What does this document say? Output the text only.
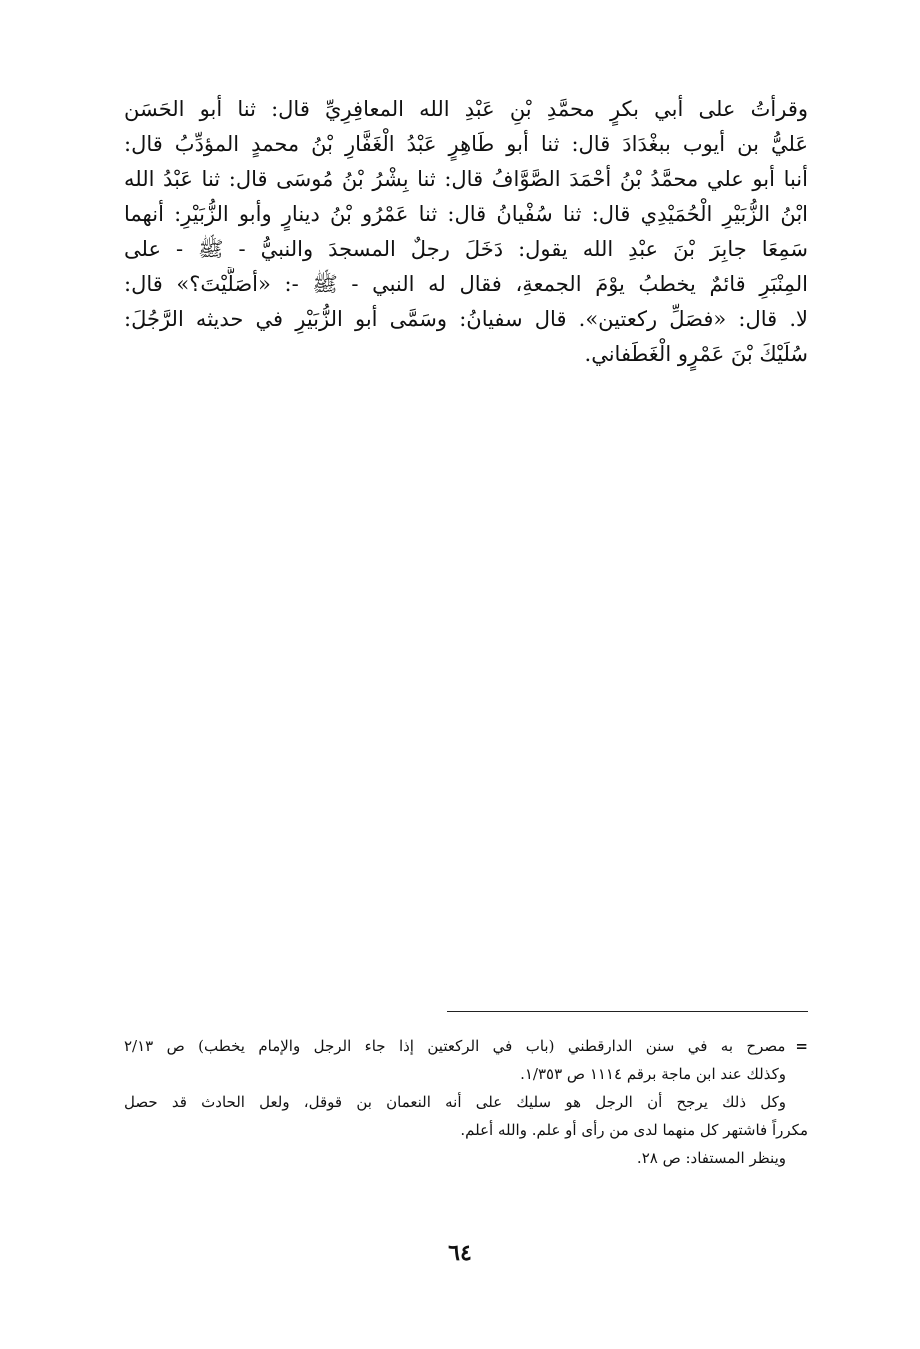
وقرأتُ على أبي بكرٍ محمَّدِ بْنِ عَبْدِ الله المعافِرِيِّ قال: ثنا أبو الحَسَن
عَليُّ بن أيوب ببغْدَادَ قال: ثنا أبو طَاهِرٍ عَبْدُ الْغَفَّارِ بْنُ محمدٍ المؤدِّبُ قال:
أنبا أبو علي محمَّدُ بْنُ أحْمَدَ الصَّوَّافُ قال: ثنا بِشْرُ بْنُ مُوسَى قال: ثنا عَبْدُ الله
ابْنُ الزُّبَيْرِ الْحُمَيْدِي قال: ثنا سُفْيانُ قال: ثنا عَمْرُو بْنُ دينارٍ وأبو الزُّبَيْرِ: أنهما
سَمِعَا جابِرَ بْنَ عبْدِ الله يقول: دَخَلَ رجلٌ المسجدَ والنبيُّ - ﷺ - على
المِنْبَرِ قائمٌ يخطبُ يوْمَ الجمعةِ، فقال له النبي - ﷺ -: «أصَلَّيْتَ؟» قال:
لا. قال: «فصَلِّ ركعتين». قال سفيانُ: وسَمَّى أبو الزُّبَيْرِ في حديثه الرَّجُلَ:
سُلَيْكَ بْنَ عَمْرٍو الْغَطَفاني.
=مصرح به في سنن الدارقطني (باب في الركعتين إذا جاء الرجل والإمام يخطب) ص ٢/١٣
وكذلك عند ابن ماجة برقم ١١١٤ ص ١/٣٥٣.
وكل ذلك يرجح أن الرجل هو سليك على أنه النعمان بن قوقل، ولعل الحادث قد حصل
مكرراً فاشتهر كل منهما لدى من رأى أو علم. والله أعلم.
وينظر المستفاد: ص ٢٨.
٦٤
